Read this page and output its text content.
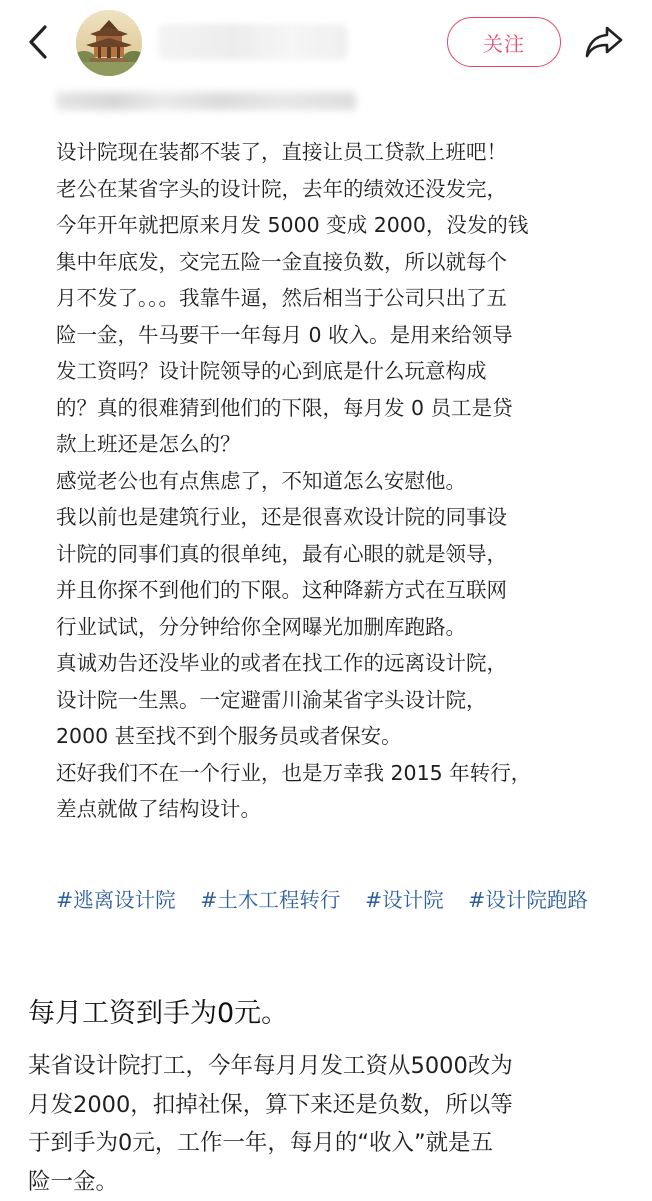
关注
设计院现在装都不装了，直接让员工贷款上班吧！
老公在某省字头的设计院，去年的绩效还没发完，
今年开年就把原来月发 5000 变成 2000，没发的钱
集中年底发，交完五险一金直接负数，所以就每个
月不发了。。。我靠牛逼，然后相当于公司只出了五
险一金，牛马要干一年每月 0 收入。是用来给领导
发工资吗？设计院领导的心到底是什么玩意构成
的？真的很难猜到他们的下限，每月发 0 员工是贷
款上班还是怎么的？
感觉老公也有点焦虑了，不知道怎么安慰他。
我以前也是建筑行业，还是很喜欢设计院的同事设
计院的同事们真的很单纯，最有心眼的就是领导，
并且你探不到他们的下限。这种降薪方式在互联网
行业试试，分分钟给你全网曝光加删库跑路。
真诚劝告还没毕业的或者在找工作的远离设计院，
设计院一生黑。一定避雷川渝某省字头设计院，
2000 甚至找不到个服务员或者保安。
还好我们不在一个行业，也是万幸我 2015 年转行，
差点就做了结构设计。
#逃离设计院 #土木工程转行 #设计院 #设计院跑路
每月工资到手为0元。
某省设计院打工，今年每月月发工资从5000改为
月发2000，扣掉社保，算下来还是负数，所以等
于到手为0元，工作一年，每月的“收入”就是五
险一金。
